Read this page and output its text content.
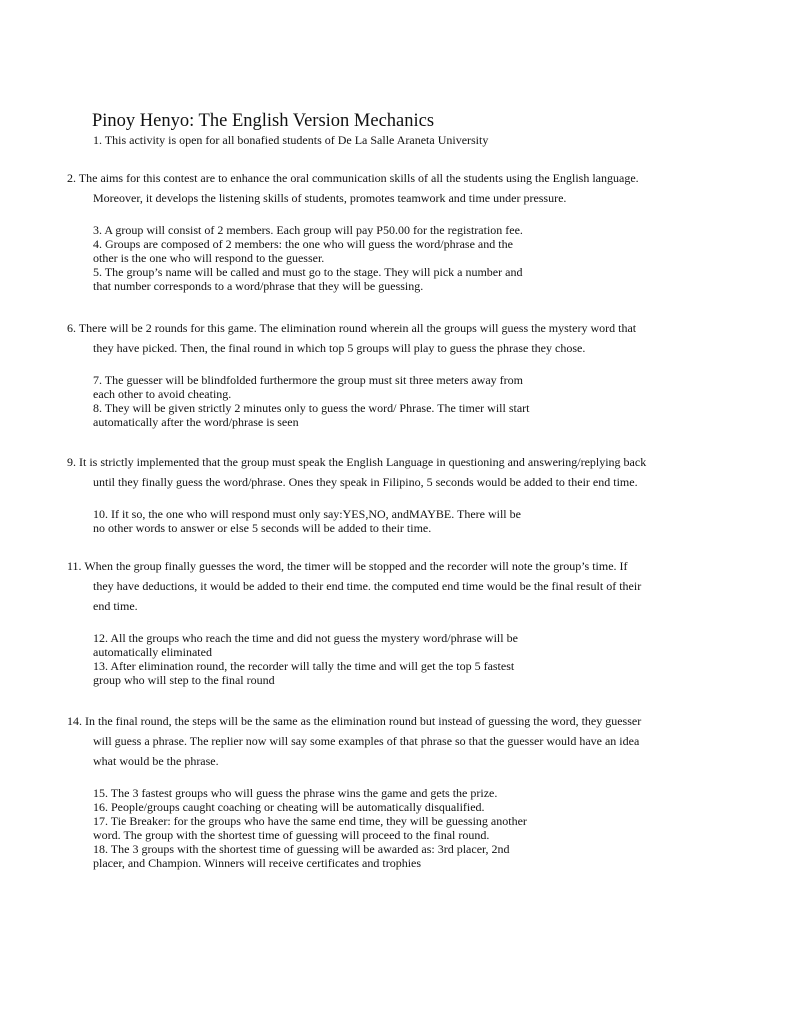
Pinoy Henyo: The English Version Mechanics
1. This activity is open for all bonafied students of De La Salle Araneta University
2. The aims for this contest are to enhance the oral communication skills of all the students using the English language.
Moreover, it develops the listening skills of students, promotes teamwork and time under pressure.
3. A group will consist of 2 members. Each group will pay P50.00 for the registration fee.
4. Groups are composed of 2 members: the one who will guess the word/phrase and the
other is the one who will respond to the guesser.
5. The group’s name will be called and must go to the stage. They will pick a number and
that number corresponds to a word/phrase that they will be guessing.
6. There will be 2 rounds for this game. The elimination round wherein all the groups will guess the mystery word that
they have picked. Then, the final round in which top 5 groups will play to guess the phrase they chose.
7. The guesser will be blindfolded furthermore the group must sit three meters away from
each other to avoid cheating.
8. They will be given strictly 2 minutes only to guess the word/ Phrase. The timer will start
automatically after the word/phrase is seen
9. It is strictly implemented that the group must speak the English Language in questioning and answering/replying back
until they finally guess the word/phrase. Ones they speak in Filipino, 5 seconds would be added to their end time.
10. If it so, the one who will respond must only say:YES,NO, andMAYBE. There will be
no other words to answer or else 5 seconds will be added to their time.
11. When the group finally guesses the word, the timer will be stopped and the recorder will note the group’s time. If
they have deductions, it would be added to their end time. the computed end time would be the final result of their
end time.
12. All the groups who reach the time and did not guess the mystery word/phrase will be
automatically eliminated
13. After elimination round, the recorder will tally the time and will get the top 5 fastest
group who will step to the final round
14. In the final round, the steps will be the same as the elimination round but instead of guessing the word, they guesser
will guess a phrase. The replier now will say some examples of that phrase so that the guesser would have an idea
what would be the phrase.
15. The 3 fastest groups who will guess the phrase wins the game and gets the prize.
16. People/groups caught coaching or cheating will be automatically disqualified.
17. Tie Breaker: for the groups who have the same end time, they will be guessing another
word. The group with the shortest time of guessing will proceed to the final round.
18. The 3 groups with the shortest time of guessing will be awarded as: 3rd placer, 2nd
placer, and Champion. Winners will receive certificates and trophies
